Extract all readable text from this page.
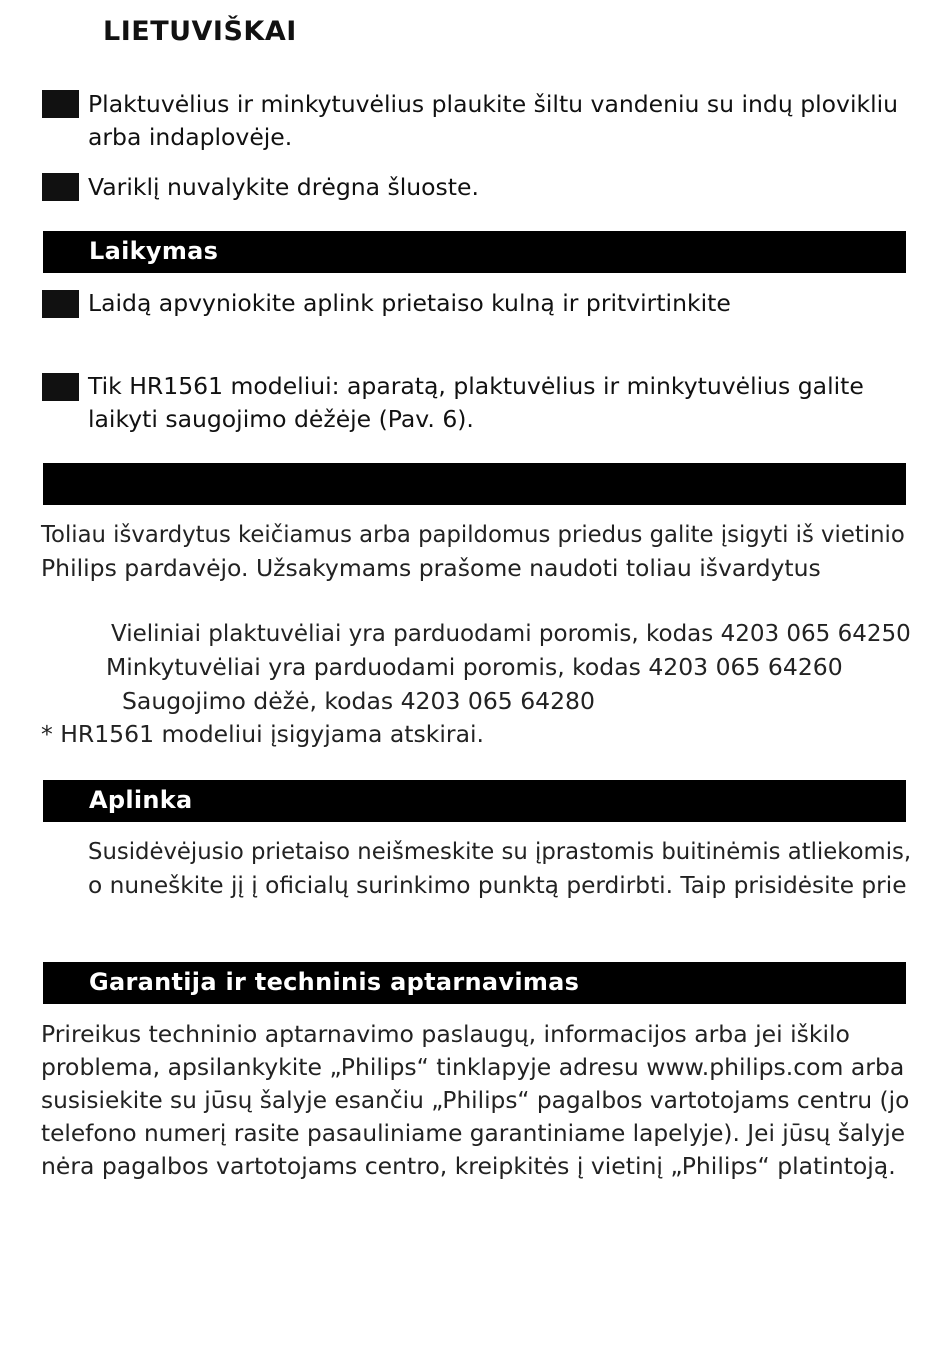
LIETUVIŠKAI
Plaktuvėlius ir minkytuvėlius plaukite šiltu vandeniu su indų plovikliu
arba indaplovėje.
Variklį nuvalykite drėgna šluoste.
Laikymas
Laidą apvyniokite aplink prietaiso kulną ir pritvirtinkite
Tik HR1561 modeliui: aparatą, plaktuvėlius ir minkytuvėlius galite
laikyti saugojimo dėžėje (Pav. 6).
Toliau išvardytus keičiamus arba papildomus priedus galite įsigyti iš vietinio
Philips pardavėjo. Užsakymams prašome naudoti toliau išvardytus
Vieliniai plaktuvėliai yra parduodami poromis, kodas 4203 065 64250
Minkytuvėliai yra parduodami poromis, kodas 4203 065 64260
Saugojimo dėžė, kodas 4203 065 64280
* HR1561 modeliui įsigyjama atskirai.
Aplinka
Susidėvėjusio prietaiso neišmeskite su įprastomis buitinėmis atliekomis,
o nuneškite jį į oficialų surinkimo punktą perdirbti. Taip prisidėsite prie
Garantija ir techninis aptarnavimas
Prireikus techninio aptarnavimo paslaugų, informacijos arba jei iškilo
problema, apsilankykite „Philips“ tinklapyje adresu www.philips.com arba
susisiekite su jūsų šalyje esančiu „Philips“ pagalbos vartotojams centru (jo
telefono numerį rasite pasauliniame garantiniame lapelyje). Jei jūsų šalyje
nėra pagalbos vartotojams centro, kreipkitės į vietinį „Philips“ platintoją.
